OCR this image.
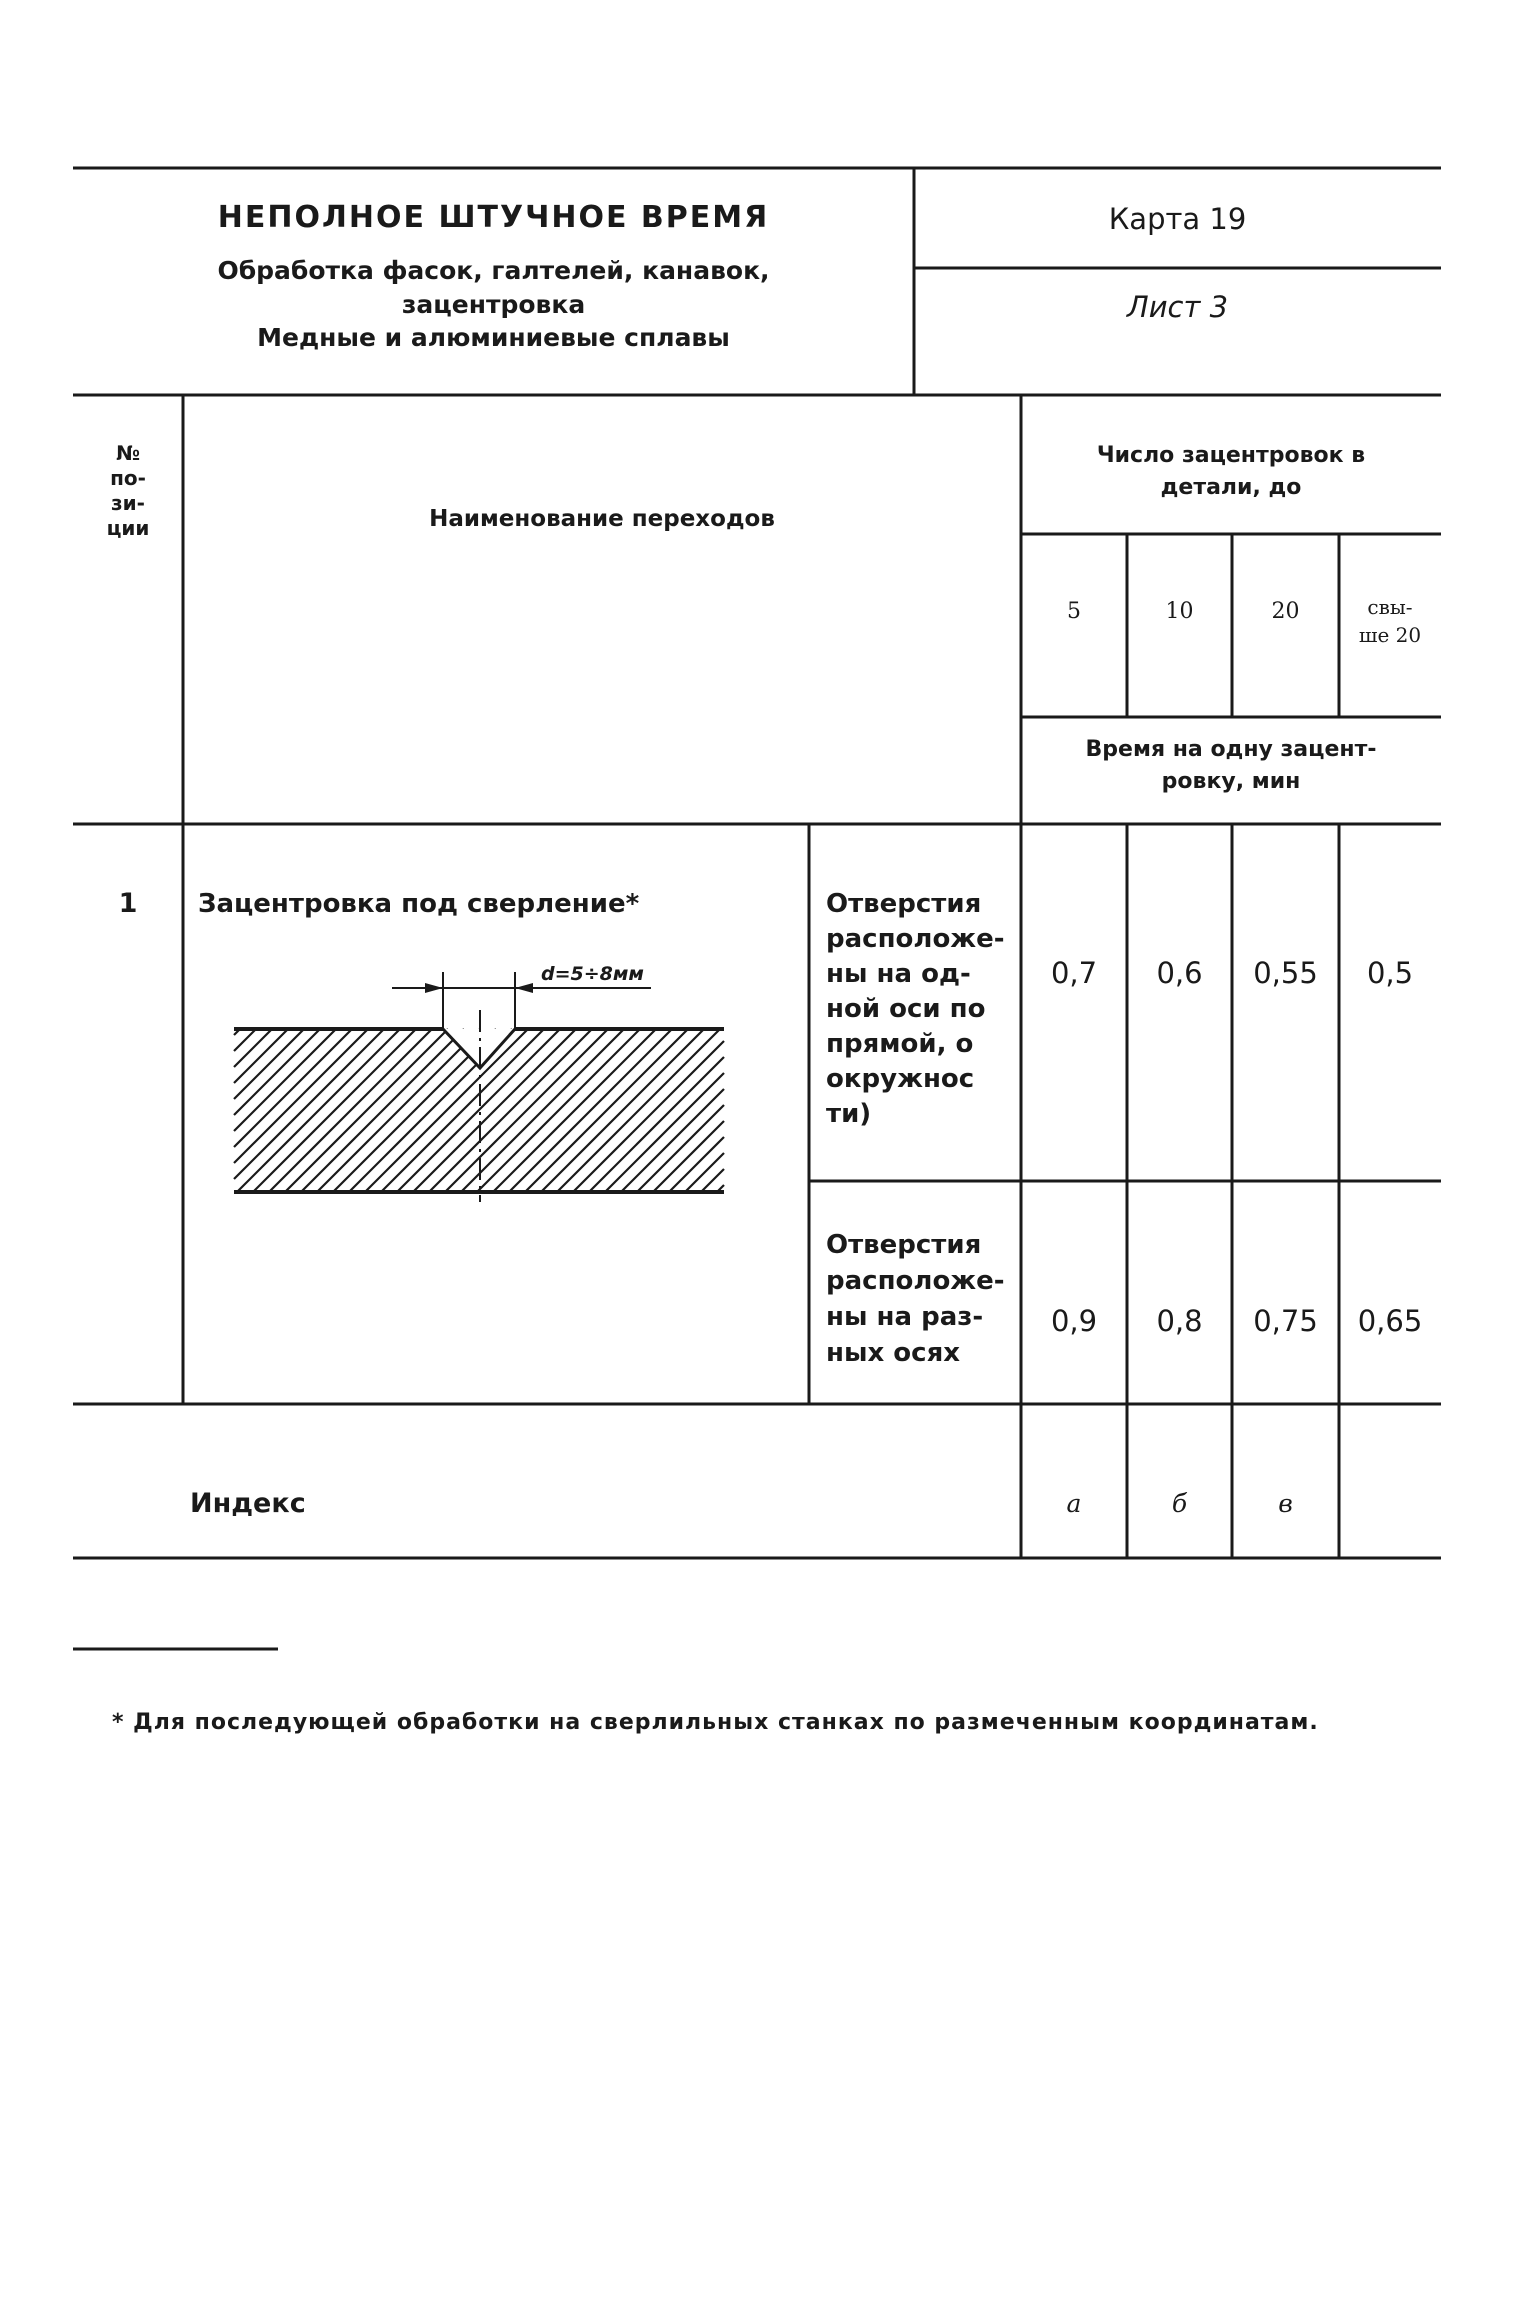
НЕПОЛНОЕ ШТУЧНОЕ ВРЕМЯ
Обработка фасок, галтелей, канавок,
зацентровка
Медные и алюминиевые сплавы
Карта 19
Лист 3
№
по-
зи-
ции	Наименование переходов
Число зацентровок в
детали, до
5	10	20	свы-
ше 20
Время на одну зацент-
ровку, мин
1	Зацентровка под сверление*
d=5÷8мм
Отверстия
расположе-
ны на од-
ной оси по
прямой, о
окружнос
ти)
0,7	0,6	0,55	0,5
Отверстия
расположе-
ны на раз-
ных осях
0,9	0,8	0,75	0,65
Индекс	а	б	в
* Для последующей обработки на сверлильных станках по размеченным координатам.
